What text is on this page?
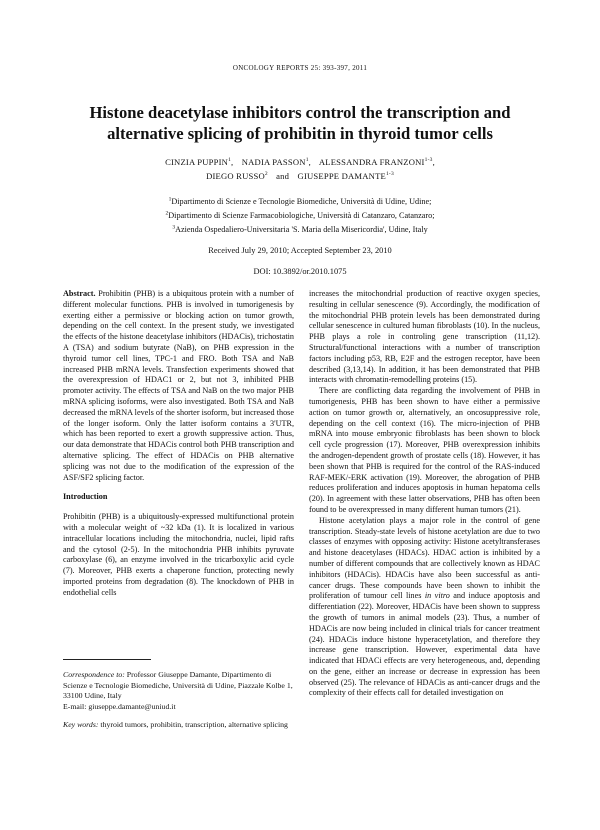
ONCOLOGY REPORTS 25: 393-397, 2011
Histone deacetylase inhibitors control the transcription and
alternative splicing of prohibitin in thyroid tumor cells
CINZIA PUPPIN$^1$, NADIA PASSON$^1$, ALESSANDRA FRANZONI$^{1-3}$,
DIEGO RUSSO$^2$ and GIUSEPPE DAMANTE$^{1-3}$
$^1$Dipartimento di Scienze e Tecnologie Biomediche, Università di Udine, Udine;
$^2$Dipartimento di Scienze Farmacobiologiche, Università di Catanzaro, Catanzaro;
$^3$Azienda Ospedaliero-Universitaria 'S. Maria della Misericordia', Udine, Italy
Received July 29, 2010; Accepted September 23, 2010
DOI: 10.3892/or.2010.1075

Abstract. Prohibitin (PHB) is a ubiquitous protein with a number of different molecular functions. PHB is involved in tumorigenesis by exerting either a permissive or blocking action on tumor growth, depending on the cell context. In the present study, we investigated the effects of the histone deacetylase inhibitors (HDACis), trichostatin A (TSA) and sodium butyrate (NaB), on PHB expression in the thyroid tumor cell lines, TPC-1 and FRO. Both TSA and NaB increased PHB mRNA levels. Transfection experiments showed that the overexpression of HDAC1 or 2, but not 3, inhibited PHB promoter activity. The effects of TSA and NaB on the two major PHB mRNA splicing isoforms, were also investigated. Both TSA and NaB decreased the mRNA levels of the shorter isoform, but increased those of the longer isoform. Only the latter isoform contains a 3'UTR, which has been reported to exert a growth suppressive action. Thus, our data demonstrate that HDACis control both PHB transcription and alternative splicing. The effect of HDACis on PHB alternative splicing was not due to the modification of the expression of the ASF/SF2 splicing factor.

Introduction

Prohibitin (PHB) is a ubiquitously-expressed multifunctional protein with a molecular weight of ~32 kDa (1). It is localized in various intracellular locations including the mitochondria, nuclei, lipid rafts and the cytosol (2-5). In the mitochondria PHB inhibits pyruvate carboxylase (6), an enzyme involved in the tricarboxylic acid cycle (7). Moreover, PHB exerts a chaperone function, protecting newly imported proteins from degradation (8). The knockdown of PHB in endothelial cells

increases the mitochondrial production of reactive oxygen species, resulting in cellular senescence (9). Accordingly, the modification of the mitochondrial PHB protein levels has been demonstrated during cellular senescence in cultured human fibroblasts (10). In the nucleus, PHB plays a role in controling gene transcription (11,12). Structural/functional interactions with a number of transcription factors including p53, RB, E2F and the estrogen receptor, have been described (3,13,14). In addition, it has been demonstrated that PHB interacts with chromatin-remodelling proteins (15).

There are conflicting data regarding the involvement of PHB in tumorigenesis, PHB has been shown to have either a permissive action on tumor growth or, alternatively, an oncosuppressive role, depending on the cell context (16). The micro-injection of PHB mRNA into mouse embryonic fibroblasts has been shown to block cell cycle progression (17). Moreover, PHB overexpression inhibits the androgen-dependent growth of prostate cells (18). However, it has been shown that PHB is required for the control of the RAS-induced RAF-MEK/-ERK activation (19). Moreover, the abrogation of PHB reduces proliferation and induces apoptosis in human hepatoma cells (20). In agreement with these latter observations, PHB has often been found to be overexpressed in many different human tumors (21).

Histone acetylation plays a major role in the control of gene transcription. Steady-state levels of histone acetylation are due to two classes of enzymes with opposing activity: Histone acetyltransferases and histone deacetylases (HDACs). HDAC action is inhibited by a number of different compounds that are collectively known as HDAC inhibitors (HDACis). HDACis have also been successful as anti-cancer drugs. These compounds have been shown to inhibit the proliferation of tumour cell lines in vitro and induce apoptosis and differentiation (22). Moreover, HDACis have been shown to suppress the growth of tumors in animal models (23). Thus, a number of HDACis are now being included in clinical trials for cancer treatment (24). HDACis induce histone hyperacetylation, and therefore they increase gene transcription. However, experimental data have indicated that HDACi effects are very heterogeneous, and, depending on the gene, either an increase or decrease in expression has been observed (25). The relevance of HDACis as anti-cancer drugs and the complexity of their effects call for detailed investigation on

Correspondence to: Professor Giuseppe Damante, Dipartimento di Scienze e Tecnologie Biomediche, Università di Udine, Piazzale Kolbe 1, 33100 Udine, Italy

E-mail: giuseppe.damante@uniud.it

Key words: thyroid tumors, prohibitin, transcription, alternative splicing
